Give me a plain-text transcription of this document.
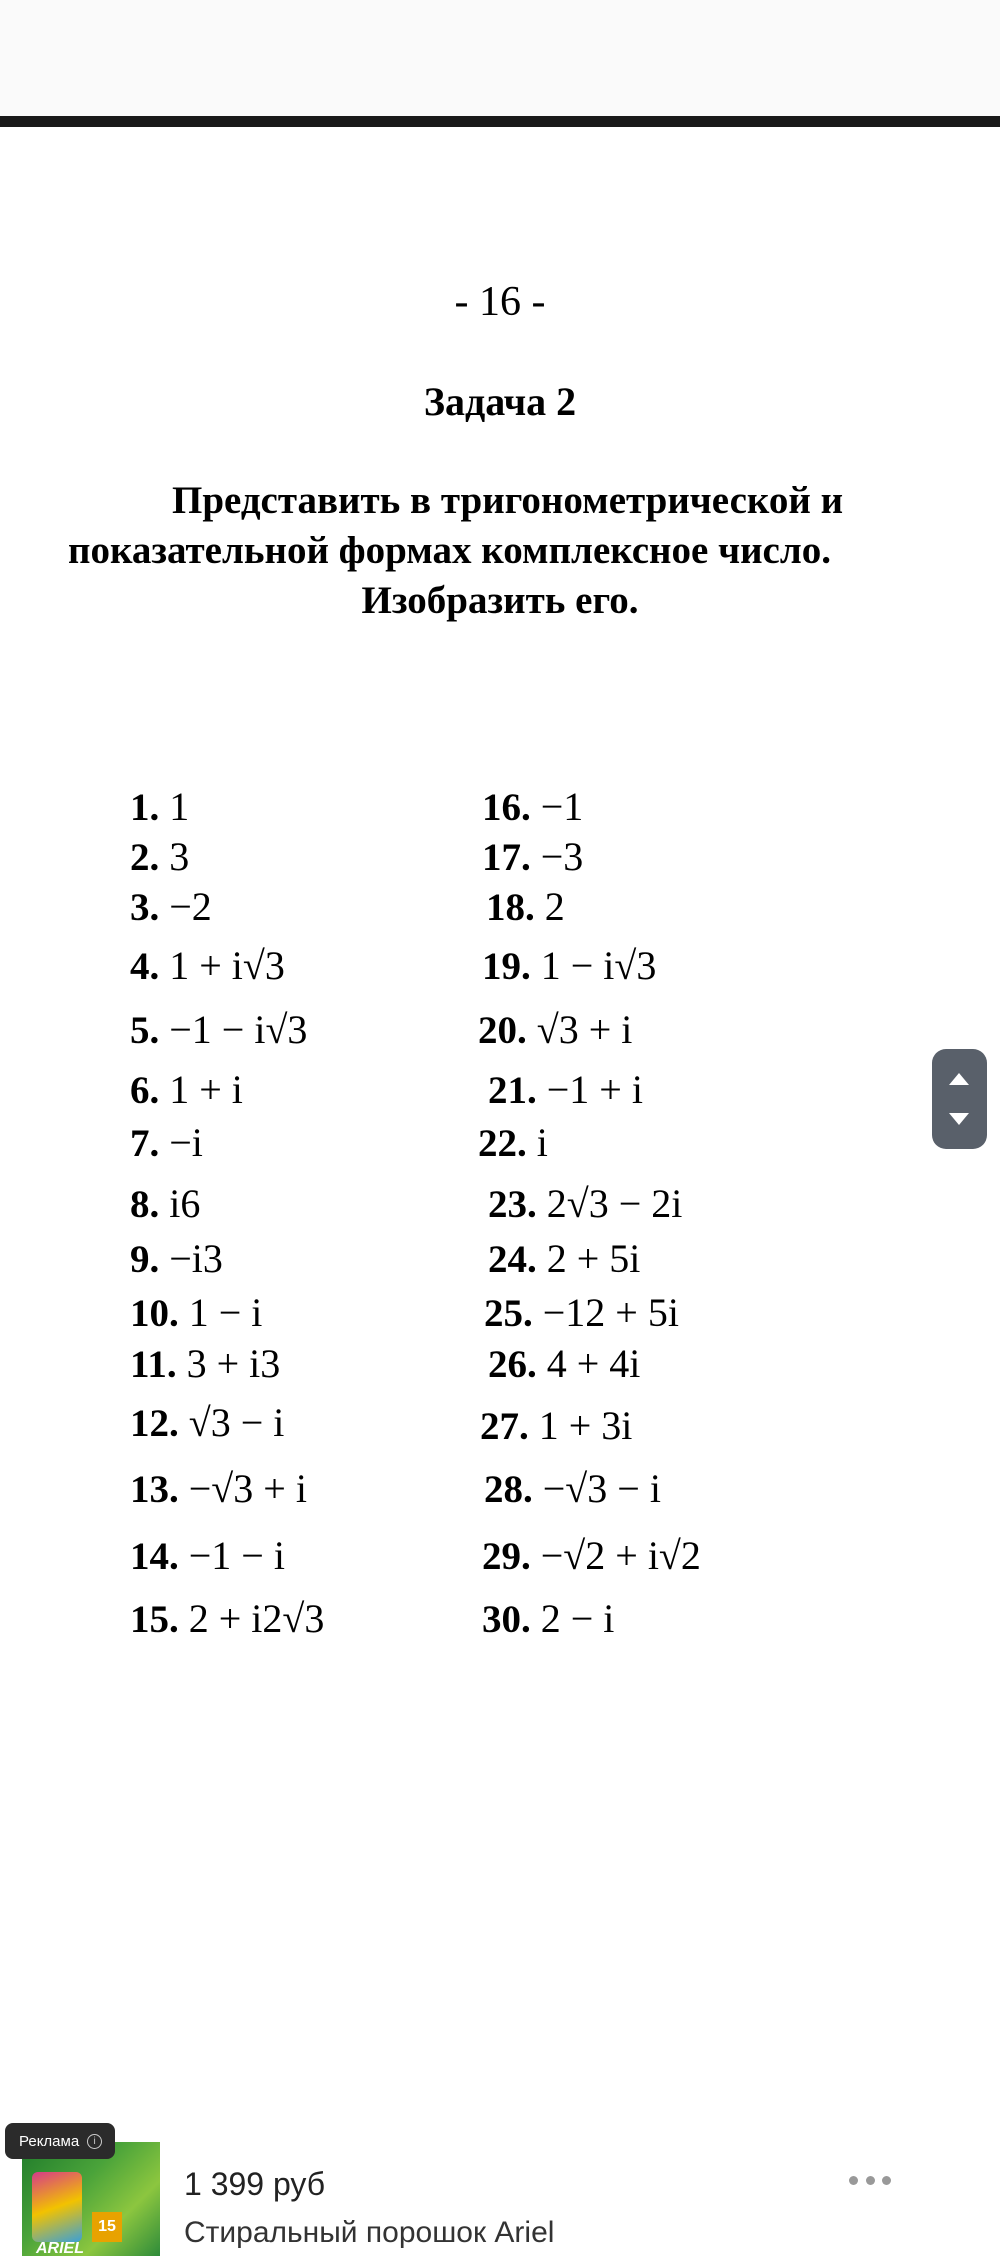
- 16 -
Задача 2
Представить в тригонометрической и
показательной формах комплексное число.
Изобразить его.
1. 1
2. 3
3. −2
4. 1 + i√3
5. −1 − i√3
6. 1 + i
7. −i
8. i6
9. −i3
10. 1 − i
11. 3 + i3
12. √3 − i
13. −√3 + i
14. −1 − i
15. 2 + i2√3
16. −1
17. −3
18. 2
19. 1 − i√3
20. √3 + i
21. −1 + i
22. i
23. 2√3 − 2i
24. 2 + 5i
25. −12 + 5i
26. 4 + 4i
27. 1 + 3i
28. −√3 − i
29. −√2 + i√2
30. 2 − i
15
ARIEL
Реклама	i
1 399 руб
Стиральный порошок Ariel
